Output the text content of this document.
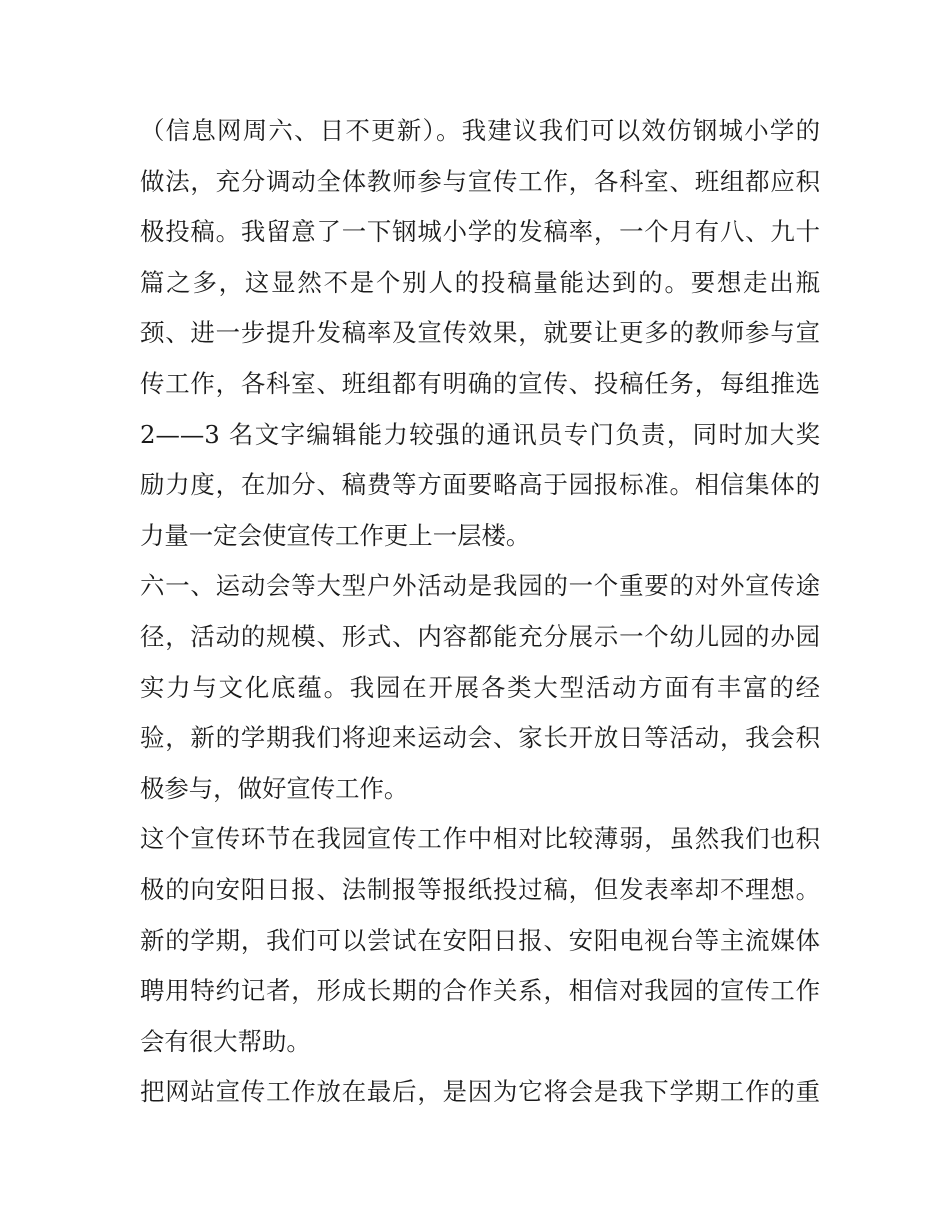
（信息网周六、日不更新）。我建议我们可以效仿钢城小学的
做法，充分调动全体教师参与宣传工作，各科室、班组都应积
极投稿。我留意了一下钢城小学的发稿率，一个月有八、九十
篇之多，这显然不是个别人的投稿量能达到的。要想走出瓶
颈、进一步提升发稿率及宣传效果，就要让更多的教师参与宣
传工作，各科室、班组都有明确的宣传、投稿任务，每组推选
2——3 名文字编辑能力较强的通讯员专门负责，同时加大奖
励力度，在加分、稿费等方面要略高于园报标准。相信集体的
力量一定会使宣传工作更上一层楼。
六一、运动会等大型户外活动是我园的一个重要的对外宣传途
径，活动的规模、形式、内容都能充分展示一个幼儿园的办园
实力与文化底蕴。我园在开展各类大型活动方面有丰富的经
验，新的学期我们将迎来运动会、家长开放日等活动，我会积
极参与，做好宣传工作。
这个宣传环节在我园宣传工作中相对比较薄弱，虽然我们也积
极的向安阳日报、法制报等报纸投过稿，但发表率却不理想。
新的学期，我们可以尝试在安阳日报、安阳电视台等主流媒体
聘用特约记者，形成长期的合作关系，相信对我园的宣传工作
会有很大帮助。
把网站宣传工作放在最后，是因为它将会是我下学期工作的重
